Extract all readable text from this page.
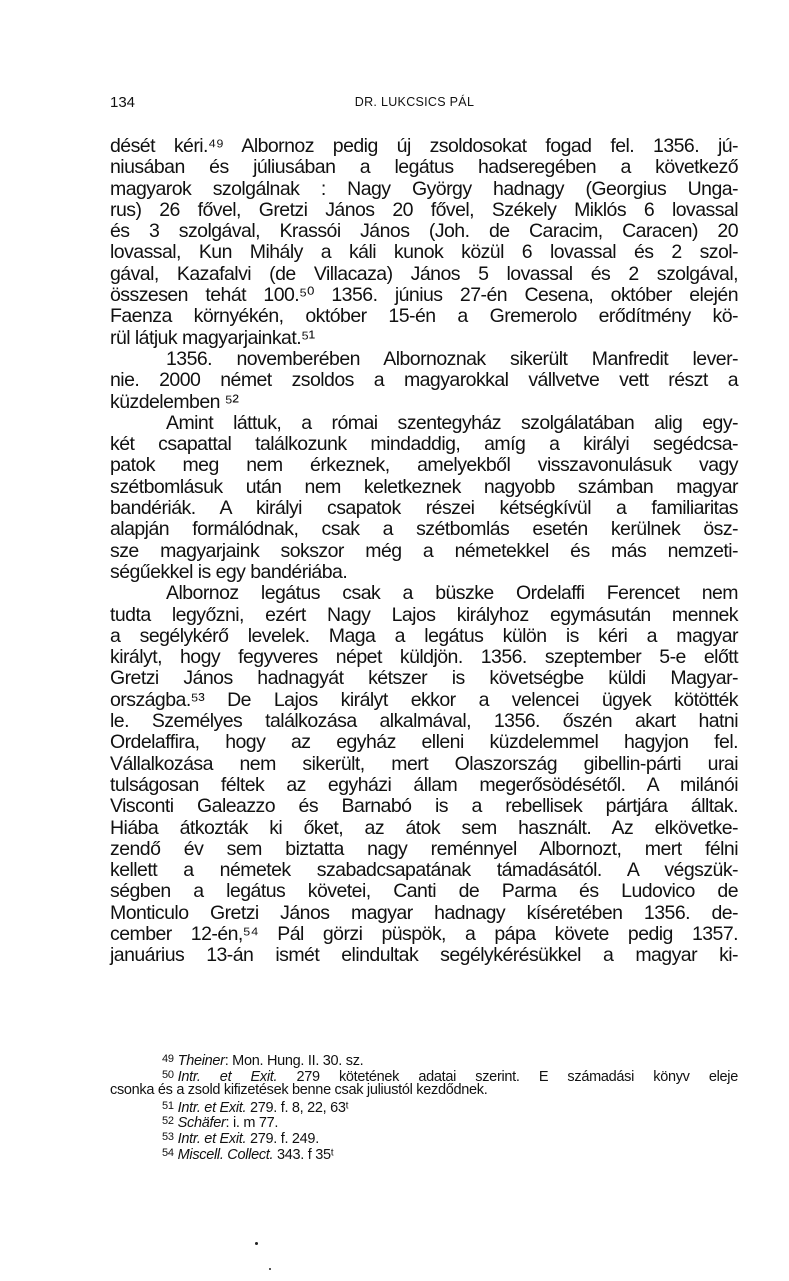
134	DR. LUKCSICS PÁL
dését kéri.⁴⁹ Albornoz pedig új zsoldosokat fogad fel. 1356. jú-
niusában és júliusában a legátus hadseregében a következő
magyarok szolgálnak : Nagy György hadnagy (Georgius Unga-
rus) 26 fővel, Gretzi János 20 fővel, Székely Miklós 6 lovassal
és 3 szolgával, Krassói János (Joh. de Caracim, Caracen) 20
lovassal, Kun Mihály a káli kunok közül 6 lovassal és 2 szol-
gával, Kazafalvi (de Villacaza) János 5 lovassal és 2 szolgával,
összesen tehát 100.⁵⁰ 1356. június 27-én Cesena, október elején
Faenza környékén, október 15-én a Gremerolo erődítmény kö-
rül látjuk magyarjainkat.⁵¹
1356. novemberében Albornoznak sikerült Manfredit lever-
nie. 2000 német zsoldos a magyarokkal vállvetve vett részt a
küzdelemben ⁵²
Amint láttuk, a római szentegyház szolgálatában alig egy-
két csapattal találkozunk mindaddig, amíg a királyi segédcsa-
patok meg nem érkeznek, amelyekből visszavonulásuk vagy
szétbomlásuk után nem keletkeznek nagyobb számban magyar
bandériák. A királyi csapatok részei kétségkívül a familiaritas
alapján formálódnak, csak a szétbomlás esetén kerülnek ösz-
sze magyarjaink sokszor még a németekkel és más nemzeti-
ségűekkel is egy bandériába.
Albornoz legátus csak a büszke Ordelaffi Ferencet nem
tudta legyőzni, ezért Nagy Lajos királyhoz egymásután mennek
a segélykérő levelek. Maga a legátus külön is kéri a magyar
királyt, hogy fegyveres népet küldjön. 1356. szeptember 5-e előtt
Gretzi János hadnagyát kétszer is követségbe küldi Magyar-
országba.⁵³ De Lajos királyt ekkor a velencei ügyek kötötték
le. Személyes találkozása alkalmával, 1356. őszén akart hatni
Ordelaffira, hogy az egyház elleni küzdelemmel hagyjon fel.
Vállalkozása nem sikerült, mert Olaszország gibellin-párti urai
tulságosan féltek az egyházi állam megerősödésétől. A milánói
Visconti Galeazzo és Barnabó is a rebellisek pártjára álltak.
Hiába átkozták ki őket, az átok sem használt. Az elkövetke-
zendő év sem biztatta nagy reménnyel Albornozt, mert félni
kellett a németek szabadcsapatának támadásától. A végszük-
ségben a legátus követei, Canti de Parma és Ludovico de
Monticulo Gretzi János magyar hadnagy kíséretében 1356. de-
cember 12-én,⁵⁴ Pál görzi püspök, a pápa követe pedig 1357.
januárius 13-án ismét elindultak segélykérésükkel a magyar ki-
$^{49}$ Theiner: Mon. Hung. II. 30. sz.
$^{50}$ Intr. et Exit. 279 kötetének adatai szerint. E számadási könyv eleje
csonka és a zsold kifizetések benne csak juliustól kezdődnek.
$^{51}$ Intr. et Exit. 279. f. 8, 22, 63ᵗ
$^{52}$ Schäfer: i. m 77.
$^{53}$ Intr. et Exit. 279. f. 249.
$^{54}$ Miscell. Collect. 343. f 35ᵗ
